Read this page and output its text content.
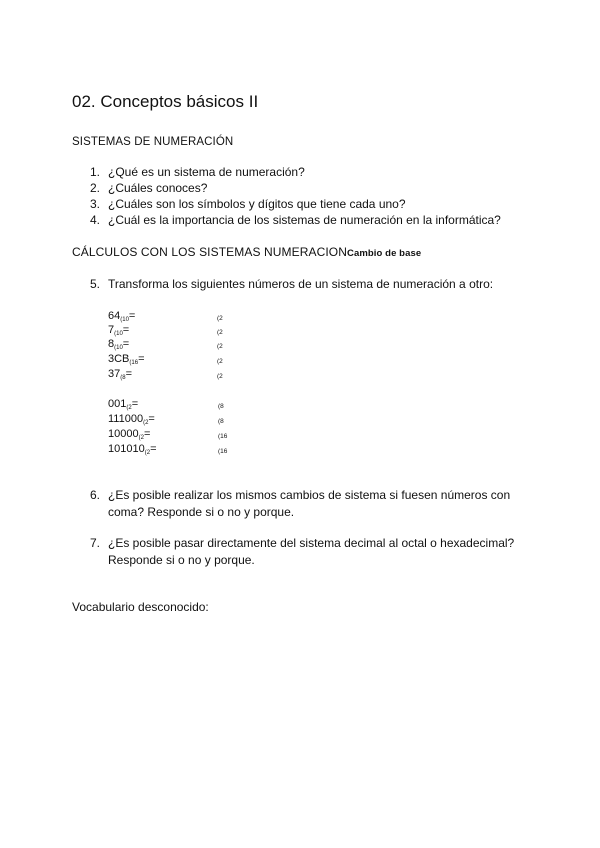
02. Conceptos básicos II
SISTEMAS DE NUMERACIÓN
1. ¿Qué es un sistema de numeración?
2. ¿Cuáles conoces?
3. ¿Cuáles son los símbolos y dígitos que tiene cada uno?
4. ¿Cuál es la importancia de los sistemas de numeración en la informática?
CÁLCULOS CON LOS SISTEMAS NUMERACIONCambio de base
5. Transforma los siguientes números de un sistema de numeración a otro:
$64_{(10}=$	(2
$7_{(10}=$	(2
$8_{(10}=$	(2
$3CB_{(16}=$	(2
$37_{(8}=$	(2
$001_{(2}=$	(8
$111000_{(2}=$	(8
$10000_{(2}=$	(16
$101010_{(2}=$	(16
6. ¿Es posible realizar los mismos cambios de sistema si fuesen números con
coma? Responde si o no y porque.
7. ¿Es posible pasar directamente del sistema decimal al octal o hexadecimal?
Responde si o no y porque.
Vocabulario desconocido:
